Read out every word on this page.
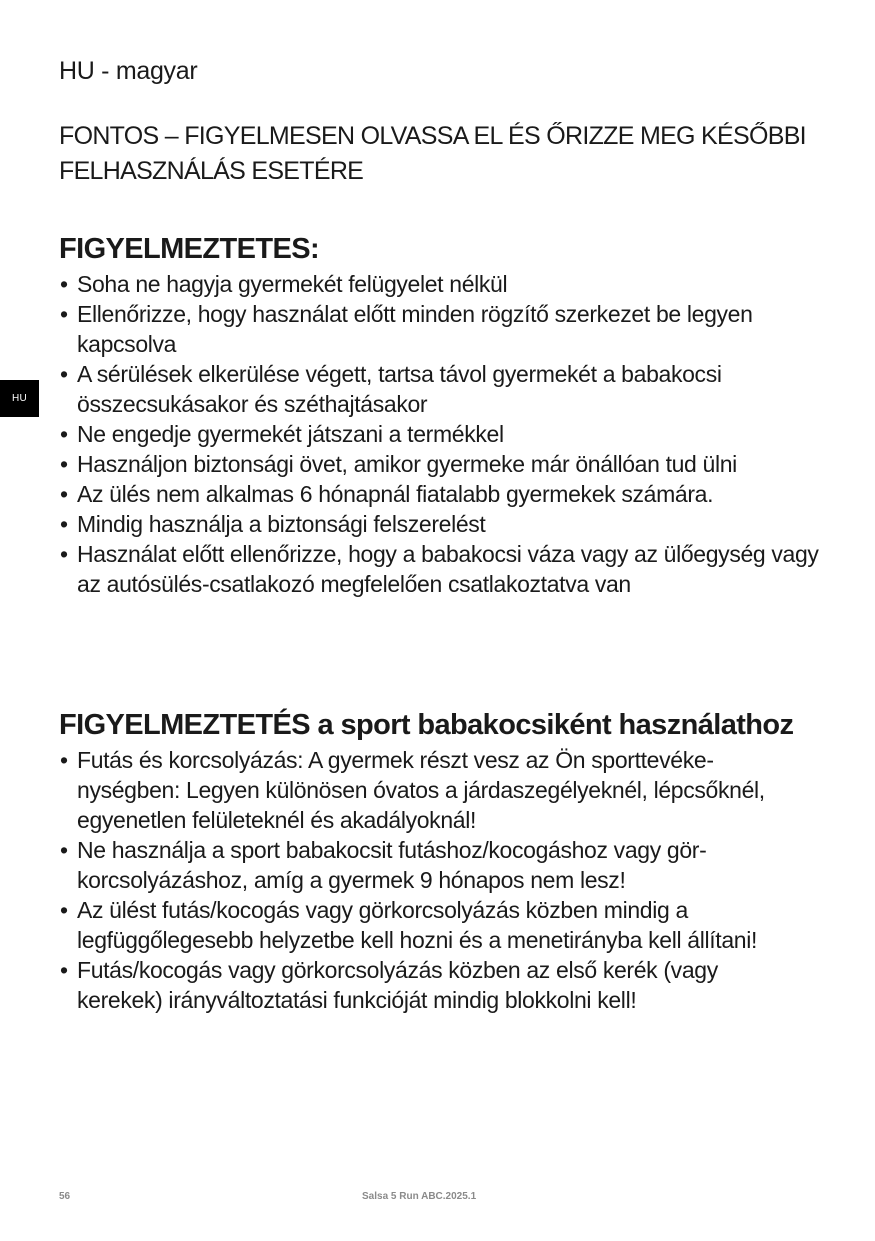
HU - magyar
FONTOS – FIGYELMESEN OLVASSA EL ÉS ŐRIZZE MEG KÉSŐBBI FELHASZNÁLÁS ESETÉRE
HU
FIGYELMEZTETES:
• Soha ne hagyja gyermekét felügyelet nélkül
• Ellenőrizze, hogy használat előtt minden rögzítő szerkezet be legyen kapcsolva
• A sérülések elkerülése végett, tartsa távol gyermekét a babakocsi összecsukásakor és széthajtásakor
• Ne engedje gyermekét játszani a termékkel
• Használjon biztonsági övet, amikor gyermeke már önállóan tud ülni
• Az ülés nem alkalmas 6 hónapnál fiatalabb gyermekek számára.
• Mindig használja a biztonsági felszerelést
• Használat előtt ellenőrizze, hogy a babakocsi váza vagy az ülőegység vagy az autósülés-csatlakozó megfelelően csatlakoztatva van
FIGYELMEZTETÉS a sport babakocsiként használathoz
• Futás és korcsolyázás: A gyermek részt vesz az Ön sporttevékenységben: Legyen különösen óvatos a járdaszegélyeknél, lépcsőknél, egyenetlen felületeknél és akadályoknál!
• Ne használja a sport babakocsit futáshoz/kocogáshoz vagy görkorcsolyázáshoz, amíg a gyermek 9 hónapos nem lesz!
• Az ülést futás/kocogás vagy görkorcsolyázás közben mindig a legfüggőlegesebb helyzetbe kell hozni és a menetirányba kell állítani!
• Futás/kocogás vagy görkorcsolyázás közben az első kerék (vagy kerekek) irányváltoztatási funkcióját mindig blokkolni kell!
56	Salsa 5 Run ABC.2025.1
